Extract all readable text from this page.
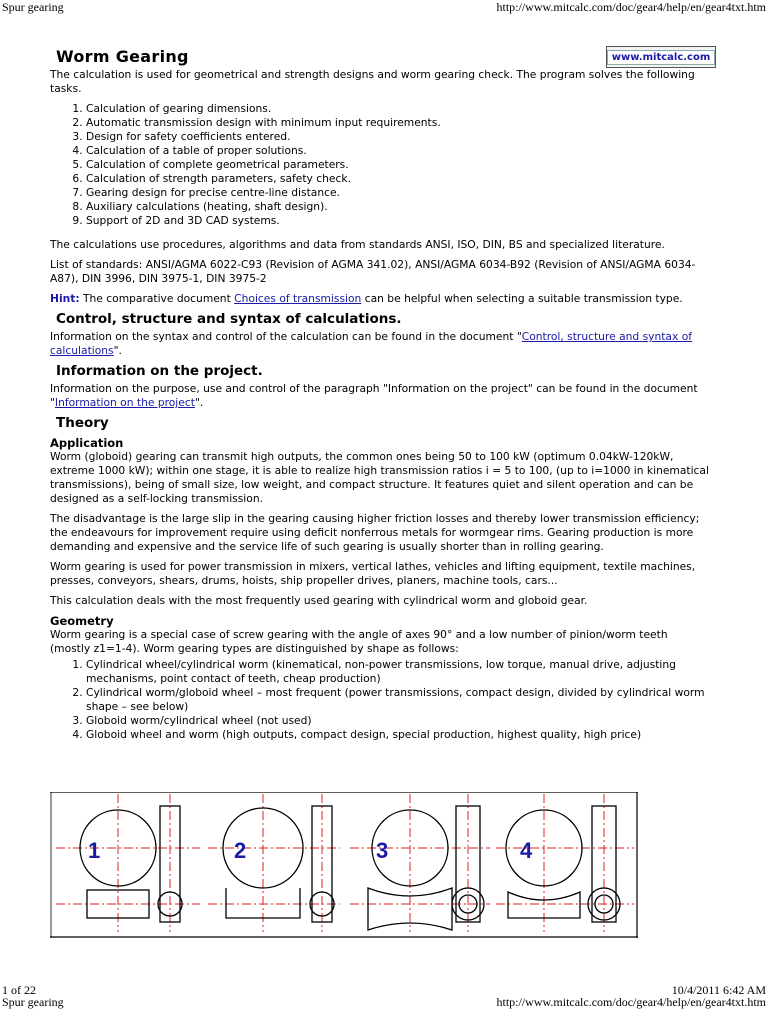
Spur gearing	http://www.mitcalc.com/doc/gear4/help/en/gear4txt.htm
www.mitcalc.com
Worm Gearing

The calculation is used for geometrical and strength designs and worm gearing check. The program solves the following tasks.

1. Calculation of gearing dimensions.
2. Automatic transmission design with minimum input requirements.
3. Design for safety coefficients entered.
4. Calculation of a table of proper solutions.
5. Calculation of complete geometrical parameters.
6. Calculation of strength parameters, safety check.
7. Gearing design for precise centre-line distance.
8. Auxiliary calculations (heating, shaft design).
9. Support of 2D and 3D CAD systems.

The calculations use procedures, algorithms and data from standards ANSI, ISO, DIN, BS and specialized literature.

List of standards: ANSI/AGMA 6022-C93 (Revision of AGMA 341.02), ANSI/AGMA 6034-B92 (Revision of ANSI/AGMA 6034-A87), DIN 3996, DIN 3975-1, DIN 3975-2

Hint: The comparative document Choices of transmission can be helpful when selecting a suitable transmission type.

Control, structure and syntax of calculations.

Information on the syntax and control of the calculation can be found in the document "Control, structure and syntax of calculations".

Information on the project.

Information on the purpose, use and control of the paragraph "Information on the project" can be found in the document "Information on the project".

Theory
Application

Worm (globoid) gearing can transmit high outputs, the common ones being 50 to 100 kW (optimum 0.04kW-120kW, extreme 1000 kW); within one stage, it is able to realize high transmission ratios i = 5 to 100, (up to i=1000 in kinematical transmissions), being of small size, low weight, and compact structure. It features quiet and silent operation and can be designed as a self-locking transmission.

The disadvantage is the large slip in the gearing causing higher friction losses and thereby lower transmission efficiency; the endeavours for improvement require using deficit nonferrous metals for wormgear rims. Gearing production is more demanding and expensive and the service life of such gearing is usually shorter than in rolling gearing.

Worm gearing is used for power transmission in mixers, vertical lathes, vehicles and lifting equipment, textile machines, presses, conveyors, shears, drums, hoists, ship propeller drives, planers, machine tools, cars...

This calculation deals with the most frequently used gearing with cylindrical worm and globoid gear.

Geometry

Worm gearing is a special case of screw gearing with the angle of axes 90° and a low number of pinion/worm teeth (mostly z1=1-4). Worm gearing types are distinguished by shape as follows:

1. Cylindrical wheel/cylindrical worm (kinematical, non-power transmissions, low torque, manual drive, adjusting mechanisms, point contact of teeth, cheap production)
2. Cylindrical worm/globoid wheel – most frequent (power transmissions, compact design, divided by cylindrical worm shape – see below)
3. Globoid worm/cylindrical wheel (not used)
4. Globoid wheel and worm (high outputs, compact design, special production, highest quality, high price)
1	2	3	4
1 of 22	10/4/2011 6:42 AM
Spur gearing	http://www.mitcalc.com/doc/gear4/help/en/gear4txt.htm
